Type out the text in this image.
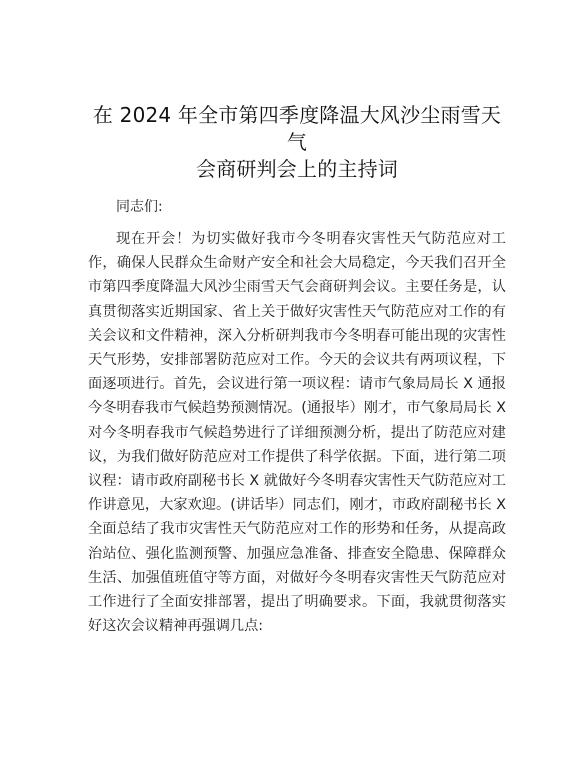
在 2024 年全市第四季度降温大风沙尘雨雪天气
会商研判会上的主持词

同志们:

现在开会！为切实做好我市今冬明春灾害性天气防范应对工作，确保人民群众生命财产安全和社会大局稳定，今天我们召开全市第四季度降温大风沙尘雨雪天气会商研判会议。主要任务是，认真贯彻落实近期国家、省上关于做好灾害性天气防范应对工作的有关会议和文件精神，深入分析研判我市今冬明春可能出现的灾害性天气形势，安排部署防范应对工作。今天的会议共有两项议程，下面逐项进行。首先，会议进行第一项议程：请市气象局局长 X 通报今冬明春我市气候趋势预测情况。(通报毕）刚才，市气象局局长 X 对今冬明春我市气候趋势进行了详细预测分析，提出了防范应对建议，为我们做好防范应对工作提供了科学依据。下面，进行第二项议程：请市政府副秘书长 X 就做好今冬明春灾害性天气防范应对工作讲意见，大家欢迎。(讲话毕）同志们，刚才，市政府副秘书长 X 全面总结了我市灾害性天气防范应对工作的形势和任务，从提高政治站位、强化监测预警、加强应急准备、排查安全隐患、保障群众生活、加强值班值守等方面，对做好今冬明春灾害性天气防范应对工作进行了全面安排部署，提出了明确要求。下面，我就贯彻落实好这次会议精神再强调几点:
